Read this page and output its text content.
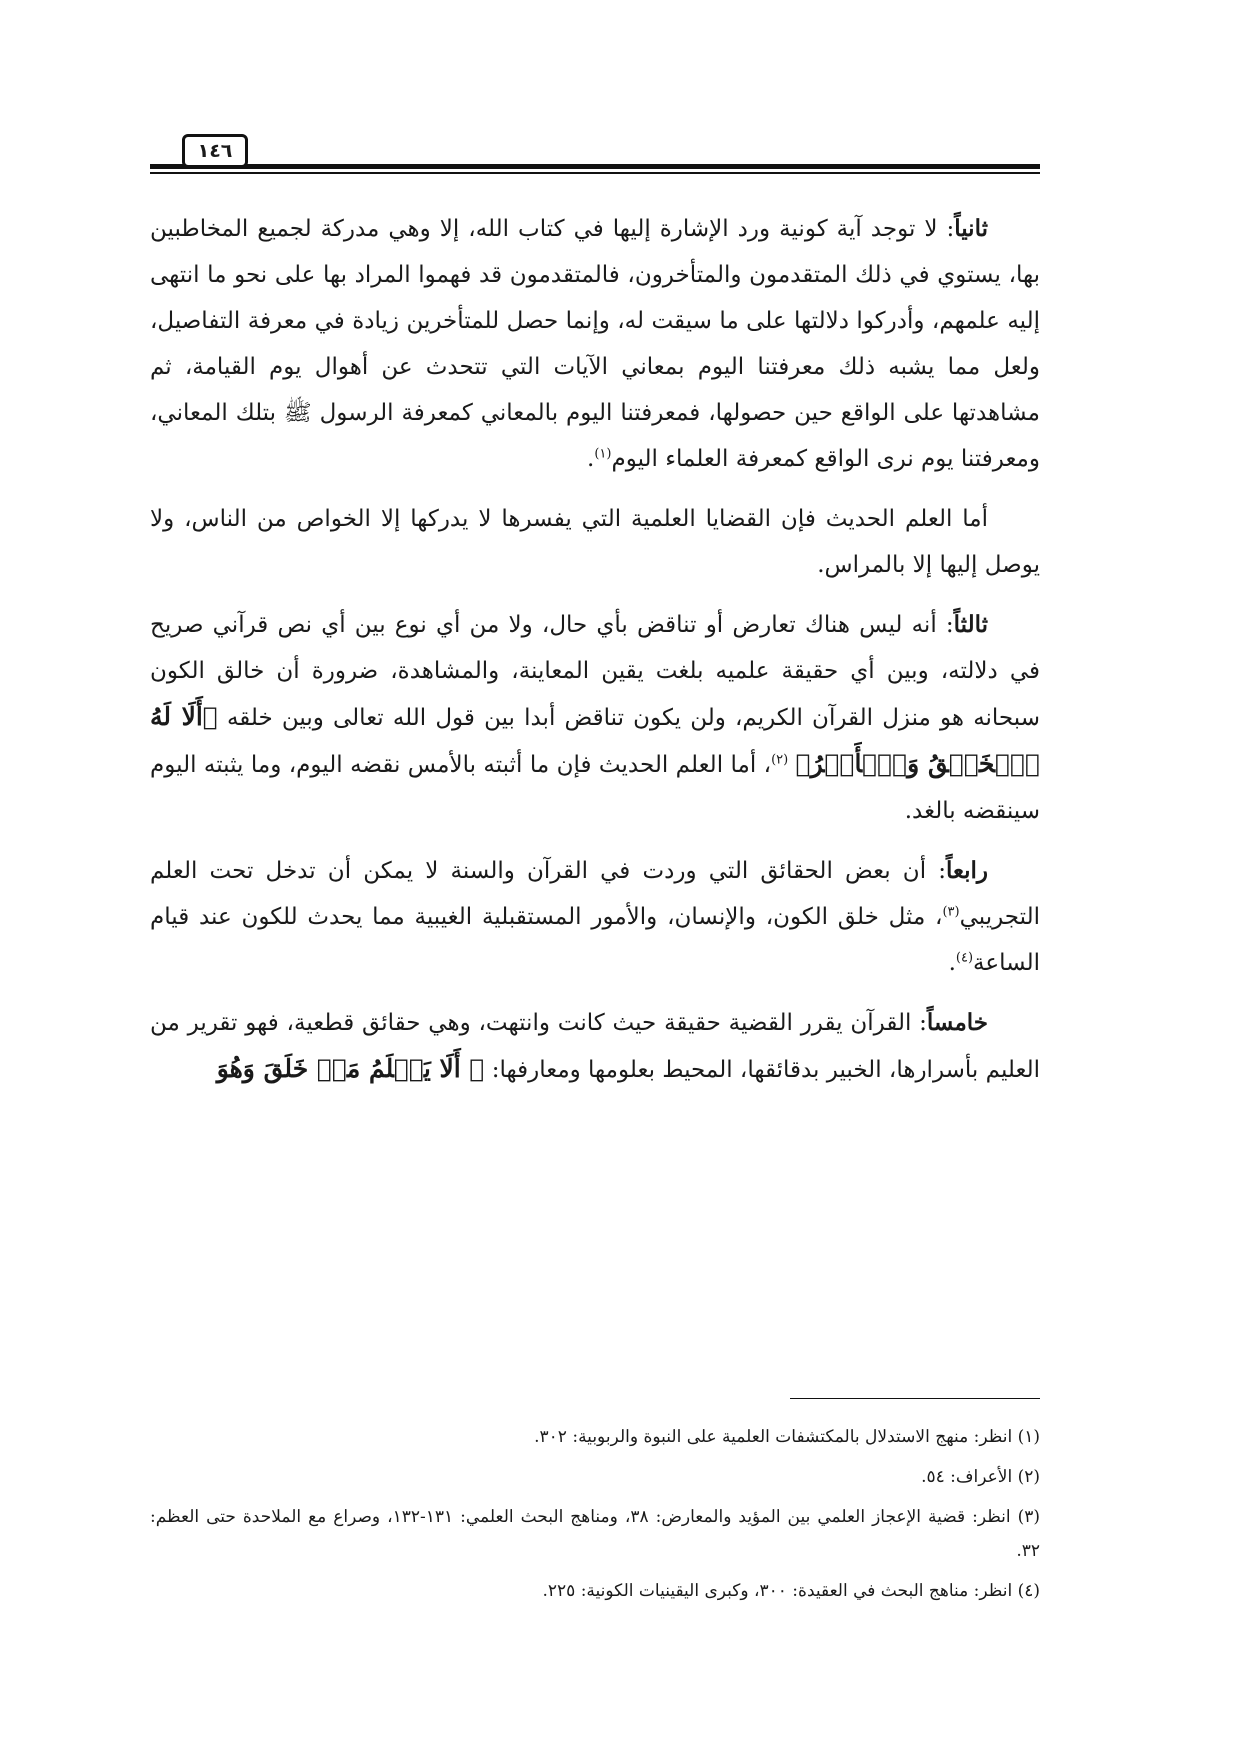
١٤٦

ثانياً: لا توجد آية كونية ورد الإشارة إليها في كتاب الله، إلا وهي مدركة لجميع المخاطبين بها، يستوي في ذلك المتقدمون والمتأخرون، فالمتقدمون قد فهموا المراد بها على نحو ما انتهى إليه علمهم، وأدركوا دلالتها على ما سيقت له، وإنما حصل للمتأخرين زيادة في معرفة التفاصيل، ولعل مما يشبه ذلك معرفتنا اليوم بمعاني الآيات التي تتحدث عن أهوال يوم القيامة، ثم مشاهدتها على الواقع حين حصولها، فمعرفتنا اليوم بالمعاني كمعرفة الرسول ﷺ بتلك المعاني، ومعرفتنا يوم نرى الواقع كمعرفة العلماء اليوم$^{(١)}$.

أما العلم الحديث فإن القضايا العلمية التي يفسرها لا يدركها إلا الخواص من الناس، ولا يوصل إليها إلا بالمراس.

ثالثاً: أنه ليس هناك تعارض أو تناقض بأي حال، ولا من أي نوع بين أي نص قرآني صريح في دلالته، وبين أي حقيقة علميه بلغت يقين المعاينة، والمشاهدة، ضرورة أن خالق الكون سبحانه هو منزل القرآن الكريم، ولن يكون تناقض أبدا بين قول الله تعالى وبين خلقه ﴿أَلَا لَهُ ٱلۡخَلۡقُ وَٱلۡأَمۡرُ﴾ $^{(٢)}$، أما العلم الحديث فإن ما أثبته بالأمس نقضه اليوم، وما يثبته اليوم سينقضه بالغد.

رابعاً: أن بعض الحقائق التي وردت في القرآن والسنة لا يمكن أن تدخل تحت العلم التجريبي$^{(٣)}$، مثل خلق الكون، والإنسان، والأمور المستقبلية الغيبية مما يحدث للكون عند قيام الساعة$^{(٤)}$.

خامساً: القرآن يقرر القضية حقيقة حيث كانت وانتهت، وهي حقائق قطعية، فهو تقرير من العليم بأسرارها، الخبير بدقائقها، المحيط بعلومها ومعارفها: ﴿ أَلَا يَعۡلَمُ مَنۡ خَلَقَ وَهُوَ

(١) انظر: منهج الاستدلال بالمكتشفات العلمية على النبوة والربوبية: ٣٠٢.

(٢) الأعراف: ٥٤.

(٣) انظر: قضية الإعجاز العلمي بين المؤيد والمعارض: ٣٨، ومناهج البحث العلمي: ١٣١-١٣٢، وصراع مع الملاحدة حتى العظم: ٣٢.

(٤) انظر: مناهج البحث في العقيدة: ٣٠٠، وكبرى اليقينيات الكونية: ٢٢٥.
